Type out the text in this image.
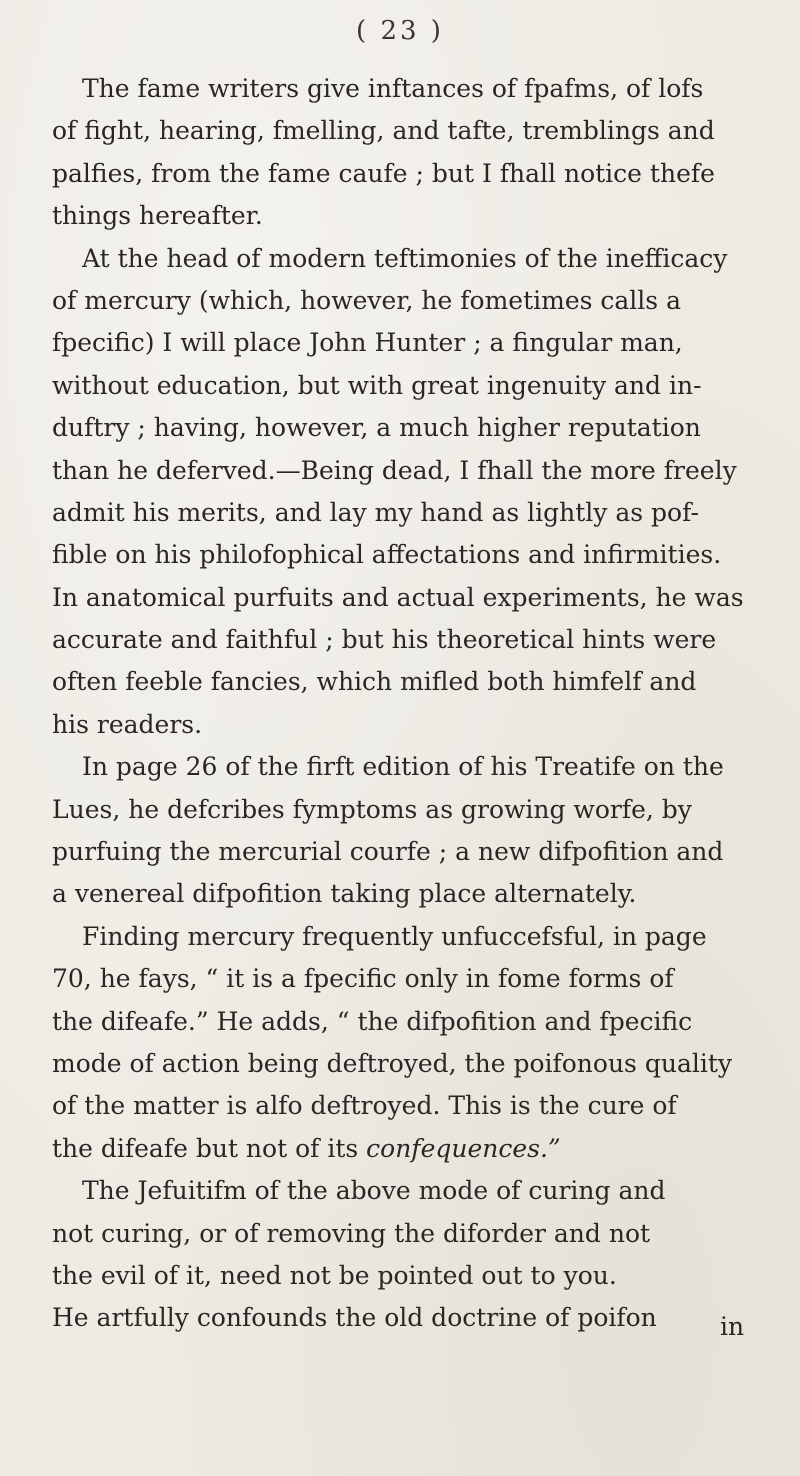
( 23 )
The fame writers give inftances of fpafms, of lofs
of fight, hearing, fmelling, and tafte, tremblings and
palfies, from the fame caufe ; but I fhall notice thefe
things hereafter.
At the head of modern teftimonies of the inefficacy
of mercury (which, however, he fometimes calls a
fpecific) I will place John Hunter ; a fingular man,
without education, but with great ingenuity and in-
duftry ; having, however, a much higher reputation
than he deferved.—Being dead, I fhall the more freely
admit his merits, and lay my hand as lightly as pof-
fible on his philofophical affectations and infirmities.
In anatomical purfuits and actual experiments, he was
accurate and faithful ; but his theoretical hints were
often feeble fancies, which mifled both himfelf and
his readers.
In page 26 of the firft edition of his Treatife on the
Lues, he defcribes fymptoms as growing worfe, by
purfuing the mercurial courfe ; a new difpofition and
a venereal difpofition taking place alternately.
Finding mercury frequently unfuccefsful, in page
70, he fays, “ it is a fpecific only in fome forms of
the difeafe.” He adds, “ the difpofition and fpecific
mode of action being deftroyed, the poifonous quality
of the matter is alfo deftroyed. This is the cure of
the difeafe but not of its confequences.”
The Jefuitifm of the above mode of curing and
not curing, or of removing the diforder and not
the evil of it, need not be pointed out to you.
He artfully confounds the old doctrine of poifon	in
